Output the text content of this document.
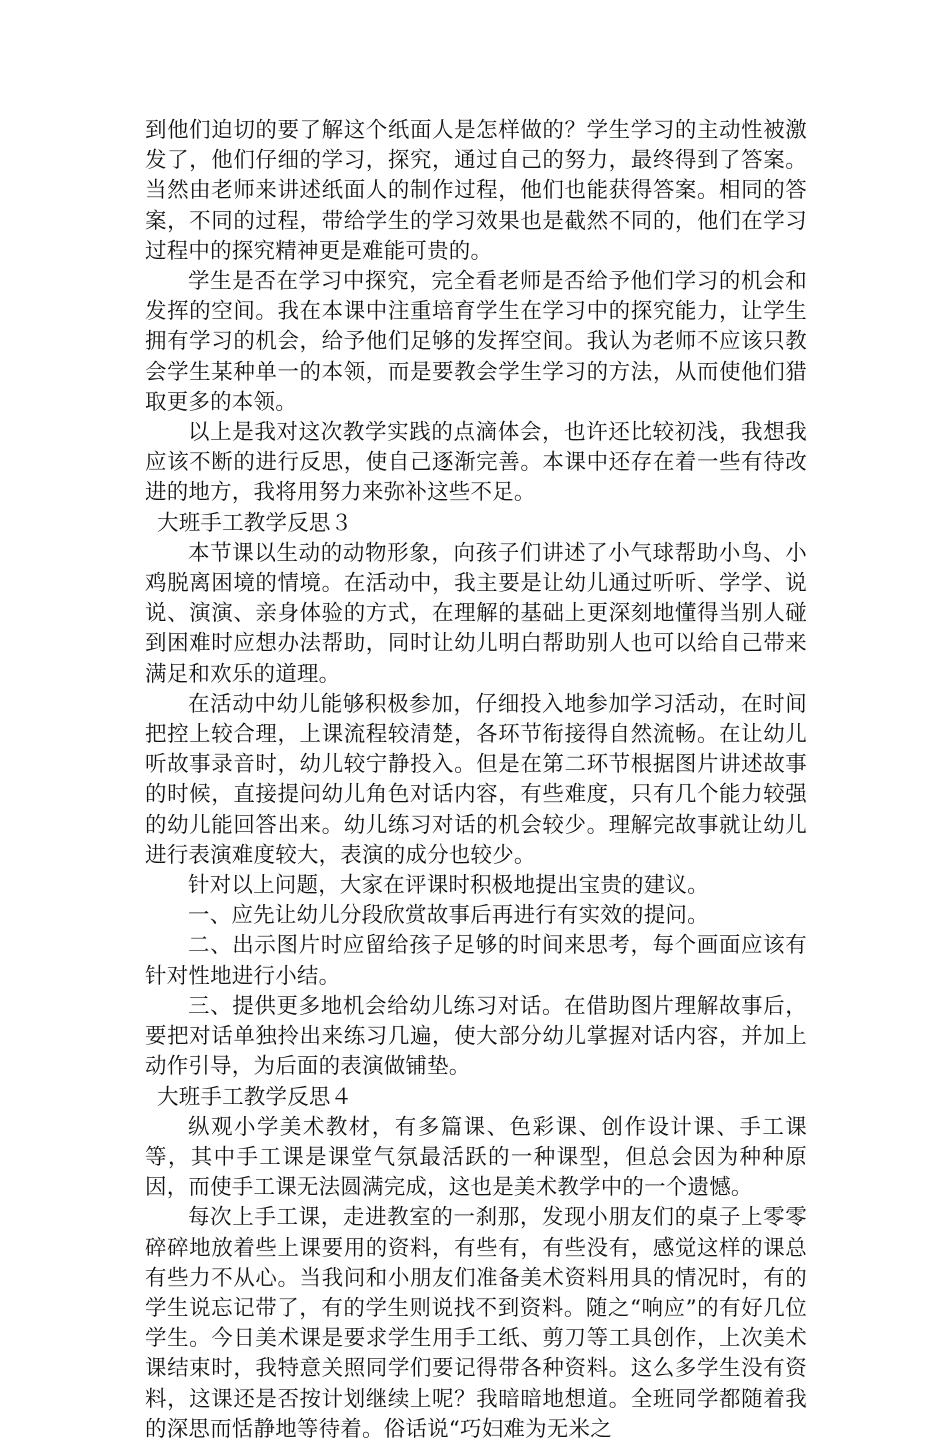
到他们迫切的要了解这个纸面人是怎样做的？学生学习的主动性被激发了，他们仔细的学习，探究，通过自己的努力，最终得到了答案。当然由老师来讲述纸面人的制作过程，他们也能获得答案。相同的答案，不同的过程，带给学生的学习效果也是截然不同的，他们在学习过程中的探究精神更是难能可贵的。

学生是否在学习中探究，完全看老师是否给予他们学习的机会和发挥的空间。我在本课中注重培育学生在学习中的探究能力，让学生拥有学习的机会，给予他们足够的发挥空间。我认为老师不应该只教会学生某种单一的本领，而是要教会学生学习的方法，从而使他们猎取更多的本领。

以上是我对这次教学实践的点滴体会，也许还比较初浅，我想我应该不断的进行反思，使自己逐渐完善。本课中还存在着一些有待改进的地方，我将用努力来弥补这些不足。

大班手工教学反思３

本节课以生动的动物形象，向孩子们讲述了小气球帮助小鸟、小鸡脱离困境的情境。在活动中，我主要是让幼儿通过听听、学学、说说、演演、亲身体验的方式，在理解的基础上更深刻地懂得当别人碰到困难时应想办法帮助，同时让幼儿明白帮助别人也可以给自己带来满足和欢乐的道理。

在活动中幼儿能够积极参加，仔细投入地参加学习活动，在时间把控上较合理，上课流程较清楚，各环节衔接得自然流畅。在让幼儿听故事录音时，幼儿较宁静投入。但是在第二环节根据图片讲述故事的时候，直接提问幼儿角色对话内容，有些难度，只有几个能力较强的幼儿能回答出来。幼儿练习对话的机会较少。理解完故事就让幼儿进行表演难度较大，表演的成分也较少。

针对以上问题，大家在评课时积极地提出宝贵的建议。

一、应先让幼儿分段欣赏故事后再进行有实效的提问。

二、出示图片时应留给孩子足够的时间来思考，每个画面应该有针对性地进行小结。

三、提供更多地机会给幼儿练习对话。在借助图片理解故事后，要把对话单独拎出来练习几遍，使大部分幼儿掌握对话内容，并加上动作引导，为后面的表演做铺垫。

大班手工教学反思４

纵观小学美术教材，有多篇课、色彩课、创作设计课、手工课等，其中手工课是课堂气氛最活跃的一种课型，但总会因为种种原因，而使手工课无法圆满完成，这也是美术教学中的一个遗憾。

每次上手工课，走进教室的一刹那，发现小朋友们的桌子上零零碎碎地放着些上课要用的资料，有些有，有些没有，感觉这样的课总有些力不从心。当我问和小朋友们准备美术资料用具的情况时，有的学生说忘记带了，有的学生则说找不到资料。随之“响应”的有好几位学生。今日美术课是要求学生用手工纸、剪刀等工具创作，上次美术课结束时，我特意关照同学们要记得带各种资料。这么多学生没有资料，这课还是否按计划继续上呢？我暗暗地想道。全班同学都随着我的深思而恬静地等待着。俗话说“巧妇难为无米之
